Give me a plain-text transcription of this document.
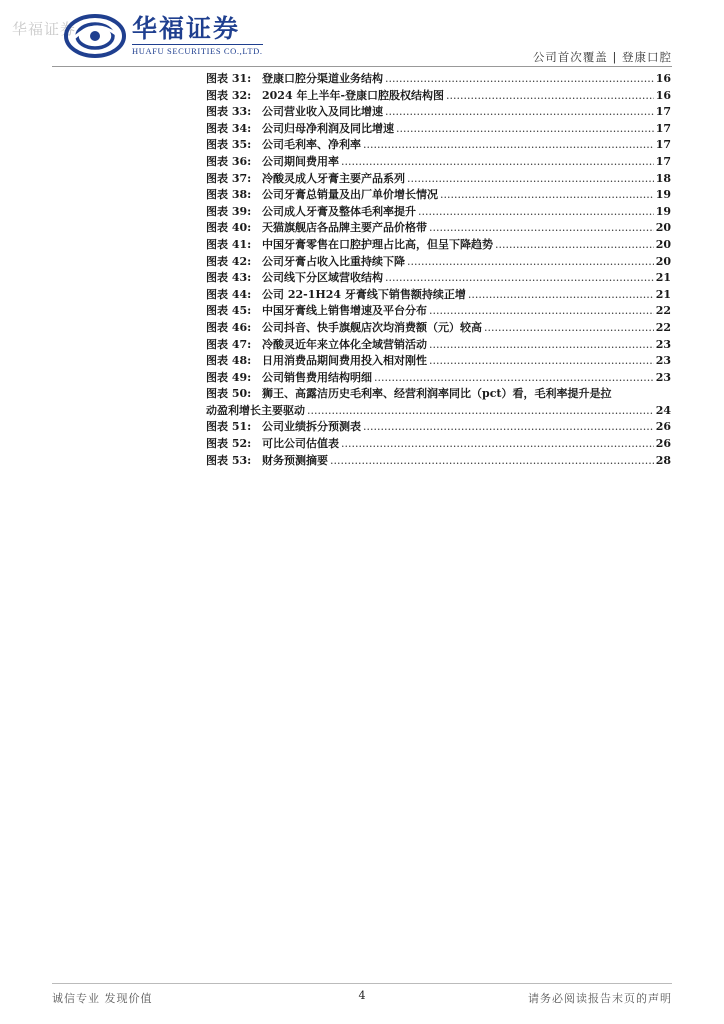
华福证券 华福证券
HUAFU SECURITIES CO.,LTD.	公司首次覆盖 | 登康口腔
图表 31: 登康口腔分渠道业务结构 .....	16
图表 32: 2024 年上半年-登康口腔股权结构图 .....	16
图表 33: 公司营业收入及同比增速 .....	17
图表 34: 公司归母净利润及同比增速 .....	17
图表 35: 公司毛利率、净利率 .....	17
图表 36: 公司期间费用率 .....	17
图表 37: 冷酸灵成人牙膏主要产品系列 .....	18
图表 38: 公司牙膏总销量及出厂单价增长情况 .....	19
图表 39: 公司成人牙膏及整体毛利率提升 .....	19
图表 40: 天猫旗舰店各品牌主要产品价格带 .....	20
图表 41: 中国牙膏零售在口腔护理占比高，但呈下降趋势 .....	20
图表 42: 公司牙膏占收入比重持续下降 .....	20
图表 43: 公司线下分区域营收结构 .....	21
图表 44: 公司 22-1H24 牙膏线下销售额持续正增 .....	21
图表 45: 中国牙膏线上销售增速及平台分布 .....	22
图表 46: 公司抖音、快手旗舰店次均消费额（元）较高 .....	22
图表 47: 冷酸灵近年来立体化全域营销活动 .....	23
图表 48: 日用消费品期间费用投入相对刚性 .....	23
图表 49: 公司销售费用结构明细 .....	23
图表 50: 狮王、高露洁历史毛利率、经营利润率同比（pct）看，毛利率提升是拉
动盈利增长主要驱动 .....	24
图表 51: 公司业绩拆分预测表 .....	26
图表 52: 可比公司估值表 .....	26
图表 53: 财务预测摘要 .....	28
诚信专业 发现价值	4	请务必阅读报告末页的声明
